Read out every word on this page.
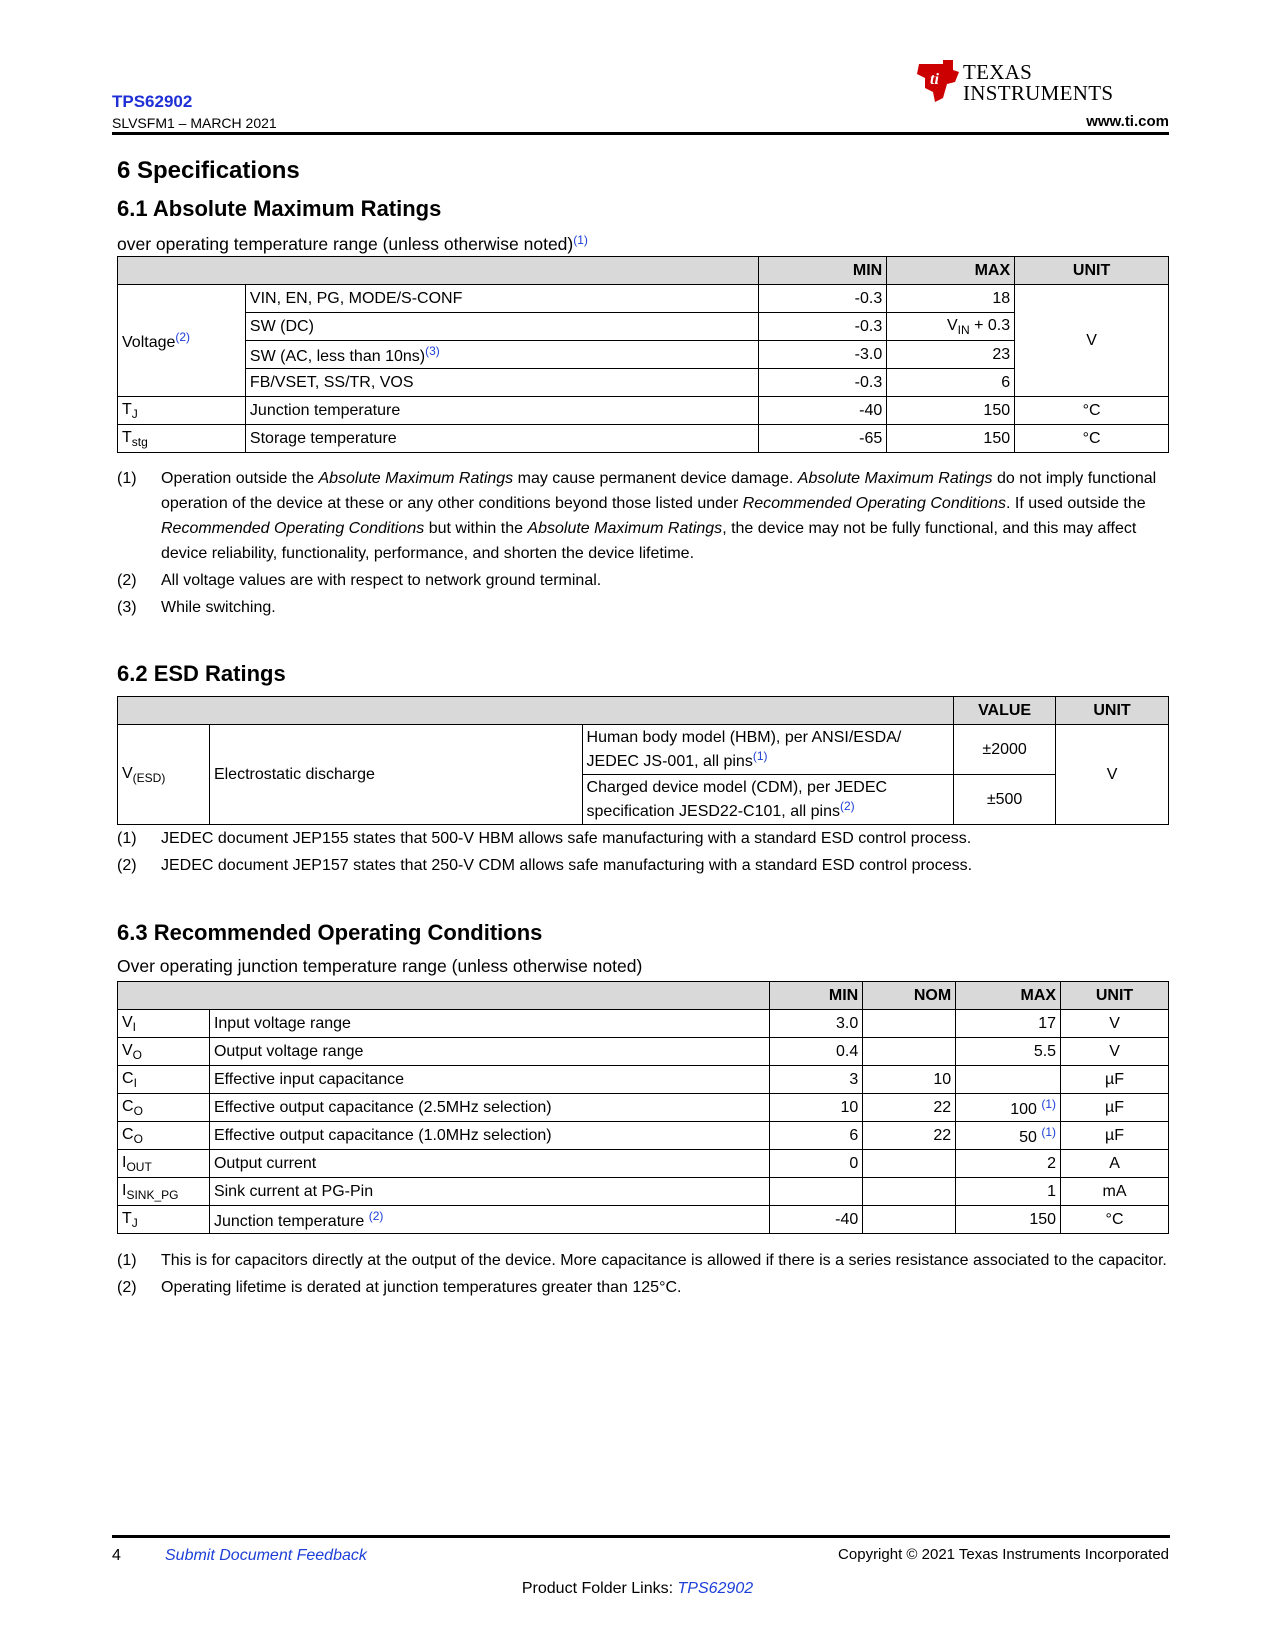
TPS62902
SLVSFM1 – MARCH 2021
ti TEXAS
INSTRUMENTS
www.ti.com
6 Specifications
6.1 Absolute Maximum Ratings
over operating temperature range (unless otherwise noted)$^{(1)}$
		MIN	MAX	UNIT
Voltage$^{(2)}$	VIN, EN, PG, MODE/S-CONF	-0.3	18	V
	SW (DC)	-0.3	$V_{IN} + 0.3$	
	SW (AC, less than 10ns)$^{(3)}$	-3.0	23	
	FB/VSET, SS/TR, VOS	-0.3	6	
$T_J$	Junction temperature	-40	150	°C
$T_{stg}$	Storage temperature	-65	150	°C
(1)	Operation outside the Absolute Maximum Ratings may cause permanent device damage. Absolute Maximum Ratings do not imply functional operation of the device at these or any other conditions beyond those listed under Recommended Operating Conditions. If used outside the Recommended Operating Conditions but within the Absolute Maximum Ratings, the device may not be fully functional, and this may affect device reliability, functionality, performance, and shorten the device lifetime.
(2)	All voltage values are with respect to network ground terminal.
(3)	While switching.
6.2 ESD Ratings
			VALUE	UNIT
$V_{(ESD)}$	Electrostatic discharge	Human body model (HBM), per ANSI/ESDA/ JEDEC JS-001, all pins$^{(1)}$	±2000	V
		Charged device model (CDM), per JEDEC specification JESD22-C101, all pins$^{(2)}$	±500	
(1)	JEDEC document JEP155 states that 500-V HBM allows safe manufacturing with a standard ESD control process.
(2)	JEDEC document JEP157 states that 250-V CDM allows safe manufacturing with a standard ESD control process.
6.3 Recommended Operating Conditions
Over operating junction temperature range (unless otherwise noted)
		MIN	NOM	MAX	UNIT
$V_I$	Input voltage range	3.0		17	V
$V_O$	Output voltage range	0.4		5.5	V
$C_I$	Effective input capacitance	3	10		µF
$C_O$	Effective output capacitance (2.5MHz selection)	10	22	100 $^{(1)}$	µF
$C_O$	Effective output capacitance (1.0MHz selection)	6	22	50 $^{(1)}$	µF
$I_{OUT}$	Output current	0		2	A
$I_{SINK\_PG}$	Sink current at PG-Pin			1	mA
$T_J$	Junction temperature $^{(2)}$	-40		150	°C
(1)	This is for capacitors directly at the output of the device. More capacitance is allowed if there is a series resistance associated to the capacitor.
(2)	Operating lifetime is derated at junction temperatures greater than 125°C.
4	Submit Document Feedback	Copyright © 2021 Texas Instruments Incorporated
Product Folder Links: TPS62902
